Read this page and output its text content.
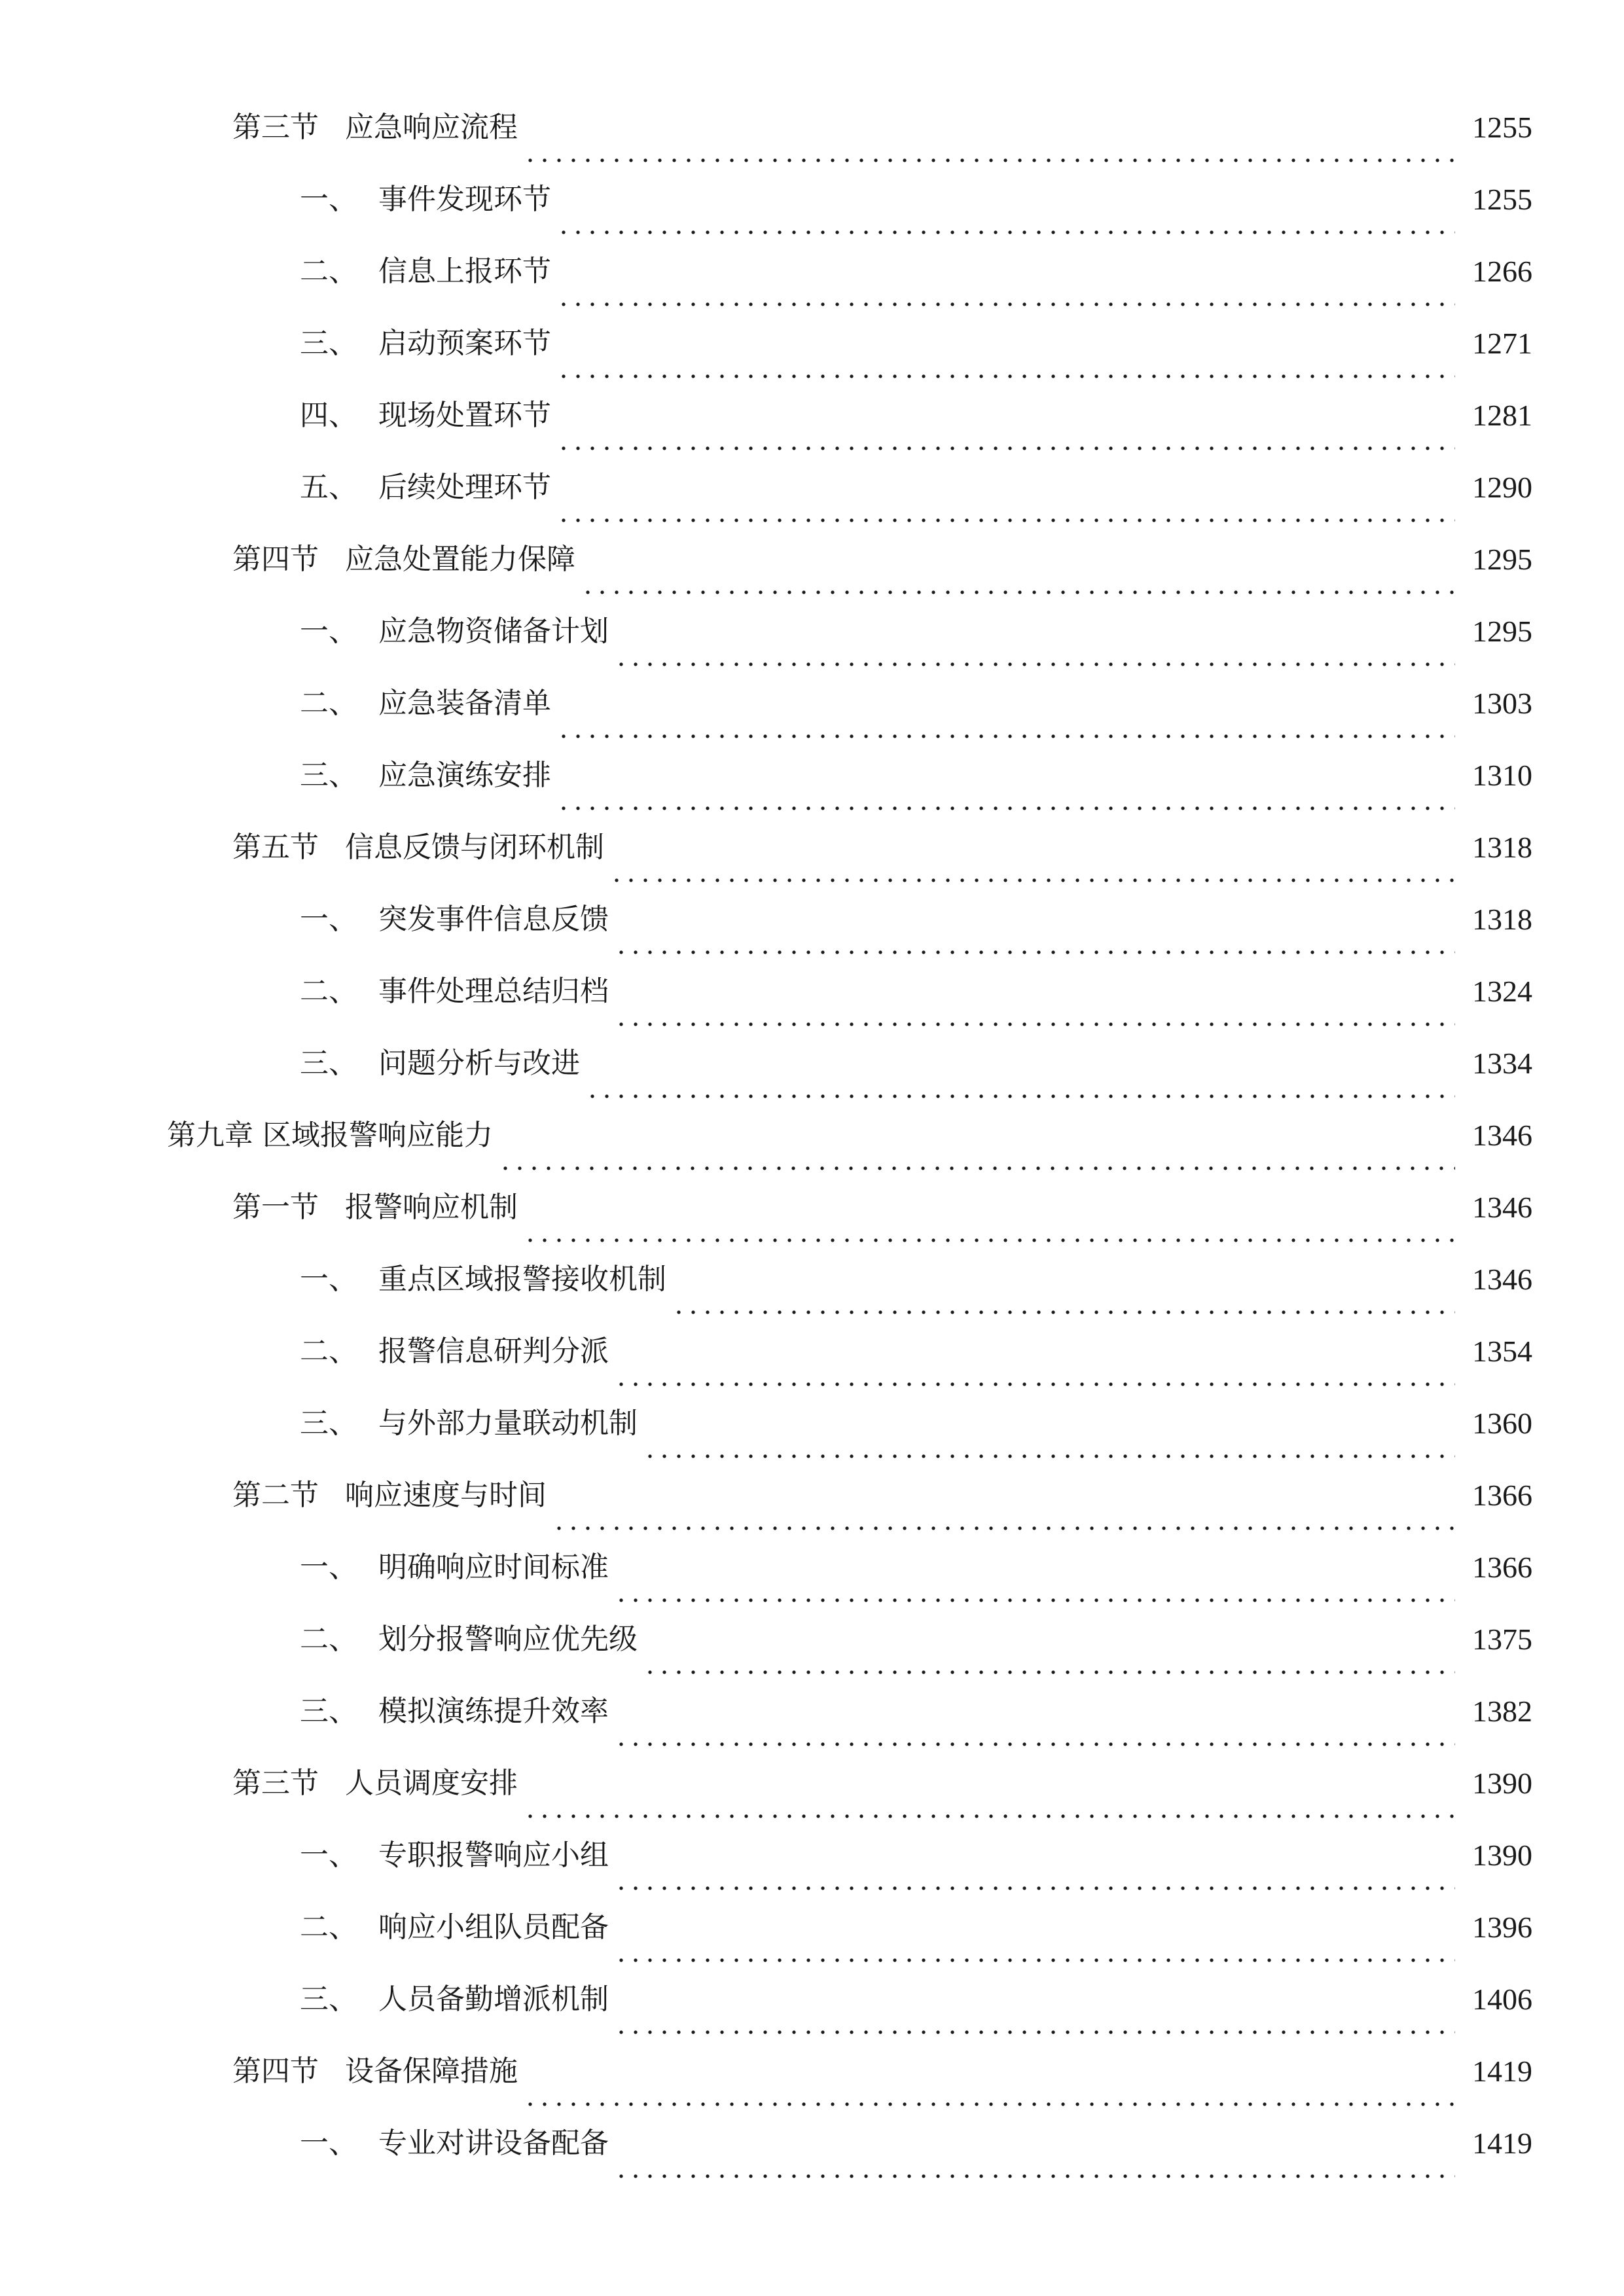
第三节 应急响应流程	1255
一、 事件发现环节	1255
二、 信息上报环节	1266
三、 启动预案环节	1271
四、 现场处置环节	1281
五、 后续处理环节	1290
第四节 应急处置能力保障	1295
一、 应急物资储备计划	1295
二、 应急装备清单	1303
三、 应急演练安排	1310
第五节 信息反馈与闭环机制	1318
一、 突发事件信息反馈	1318
二、 事件处理总结归档	1324
三、 问题分析与改进	1334
第九章 区域报警响应能力	1346
第一节 报警响应机制	1346
一、 重点区域报警接收机制	1346
二、 报警信息研判分派	1354
三、 与外部力量联动机制	1360
第二节 响应速度与时间	1366
一、 明确响应时间标准	1366
二、 划分报警响应优先级	1375
三、 模拟演练提升效率	1382
第三节 人员调度安排	1390
一、 专职报警响应小组	1390
二、 响应小组队员配备	1396
三、 人员备勤增派机制	1406
第四节 设备保障措施	1419
一、 专业对讲设备配备	1419
